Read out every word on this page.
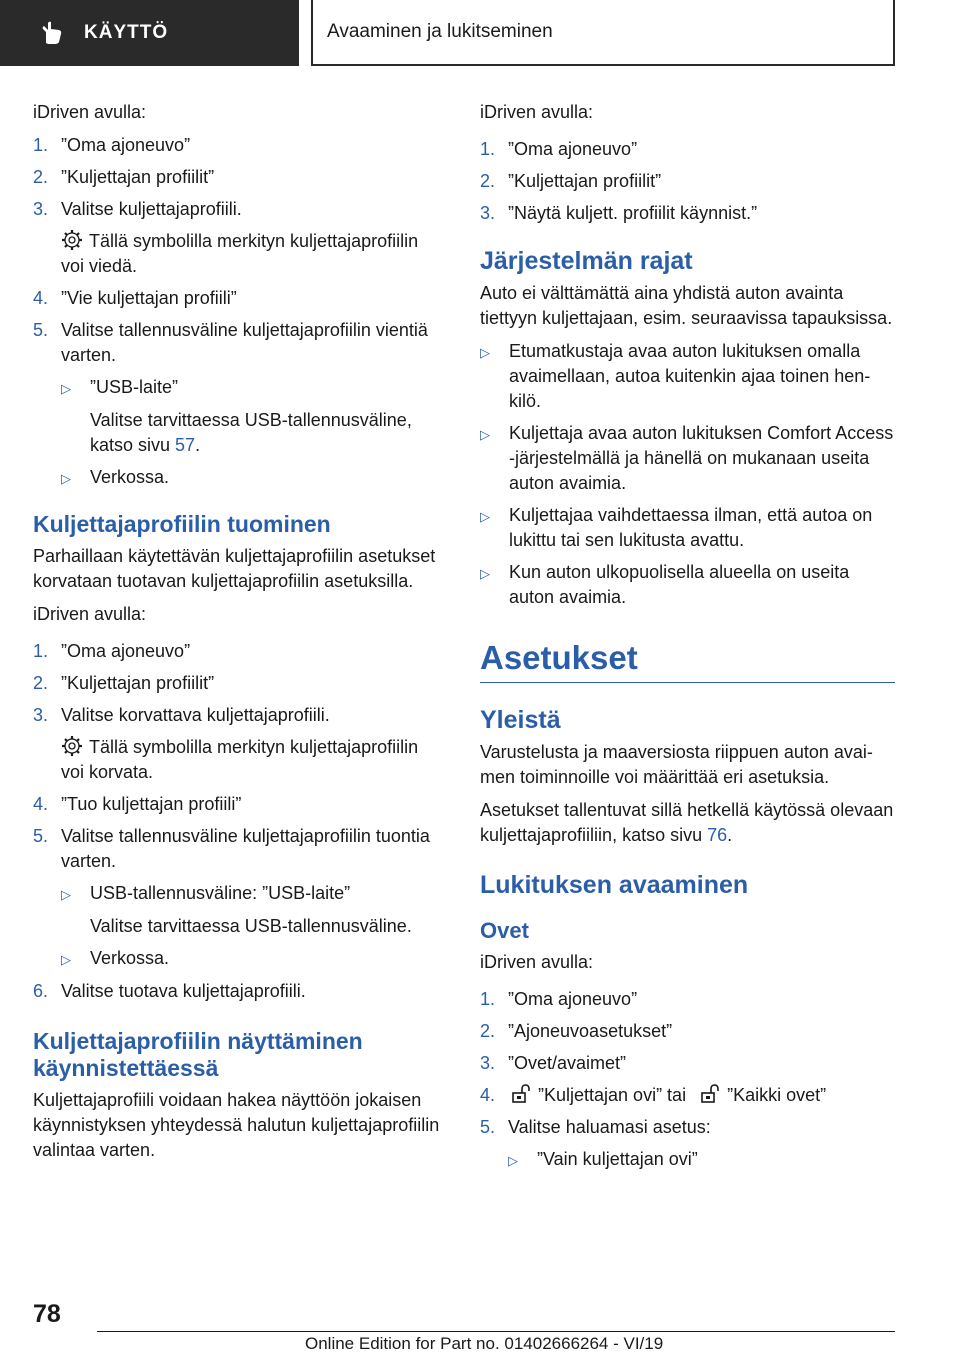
KÄYTTÖ	Avaaminen ja lukitseminen

iDriven avulla:

1. ”Oma ajoneuvo”
2. ”Kuljettajan profiilit”
3. Valitse kuljettajaprofiili.
Tällä symbolilla merkityn kuljettajaprofiilin voi viedä.
4. ”Vie kuljettajan profiili”
5. Valitse tallennusväline kuljettajaprofiilin vientiä varten.
▷	”USB-laite”

Valitse tarvittaessa USB-tallennusväline, katso sivu 57.
▷	Verkossa.
Kuljettajaprofiilin tuominen

Parhaillaan käytettävän kuljettajaprofiilin asetukset korvataan tuotavan kuljettajaprofiilin asetuksilla.

iDriven avulla:

1. ”Oma ajoneuvo”
2. ”Kuljettajan profiilit”
3. Valitse korvattava kuljettajaprofiili.
Tällä symbolilla merkityn kuljettajaprofiilin voi korvata.
4. ”Tuo kuljettajan profiili”
5. Valitse tallennusväline kuljettajaprofiilin tuontia varten.
▷	USB-tallennusväline: ”USB-laite”

Valitse tarvittaessa USB-tallennusväline.
▷	Verkossa.
6. Valitse tuotava kuljettajaprofiili.
Kuljettajaprofiilin näyttäminen käynnistettäessä

Kuljettajaprofiili voidaan hakea näyttöön jokaisen käynnistyksen yhteydessä halutun kuljettajaprofiilin valintaa varten.

iDriven avulla:

1. ”Oma ajoneuvo”
2. ”Kuljettajan profiilit”
3. ”Näytä kuljett. profiilit käynnist.”
Järjestelmän rajat

Auto ei välttämättä aina yhdistä auton avainta tiettyyn kuljettajaan, esim. seuraavissa tapauksissa.

▷	Etumatkustaja avaa auton lukituksen omalla avaimellaan, autoa kuitenkin ajaa toinen henkilö.
▷	Kuljettaja avaa auton lukituksen Comfort Access -järjestelmällä ja hänellä on mukanaan useita auton avaimia.
▷	Kuljettajaa vaihdettaessa ilman, että autoa on lukittu tai sen lukitusta avattu.
▷	Kun auton ulkopuolisella alueella on useita auton avaimia.
Asetukset
Yleistä

Varustelusta ja maaversiosta riippuen auton avaimen toiminnoille voi määrittää eri asetuksia.

Asetukset tallentuvat sillä hetkellä käytössä olevaan kuljettajaprofiiliin, katso sivu 76.

Lukituksen avaaminen
Ovet

iDriven avulla:

1. ”Oma ajoneuvo”
2. ”Ajoneuvoasetukset”
3. ”Ovet/avaimet”
4.	”Kuljettajan ovi” tai ”Kaikki ovet”
5. Valitse haluamasi asetus:
▷	”Vain kuljettajan ovi”
78
Online Edition for Part no. 01402666264 - VI/19
